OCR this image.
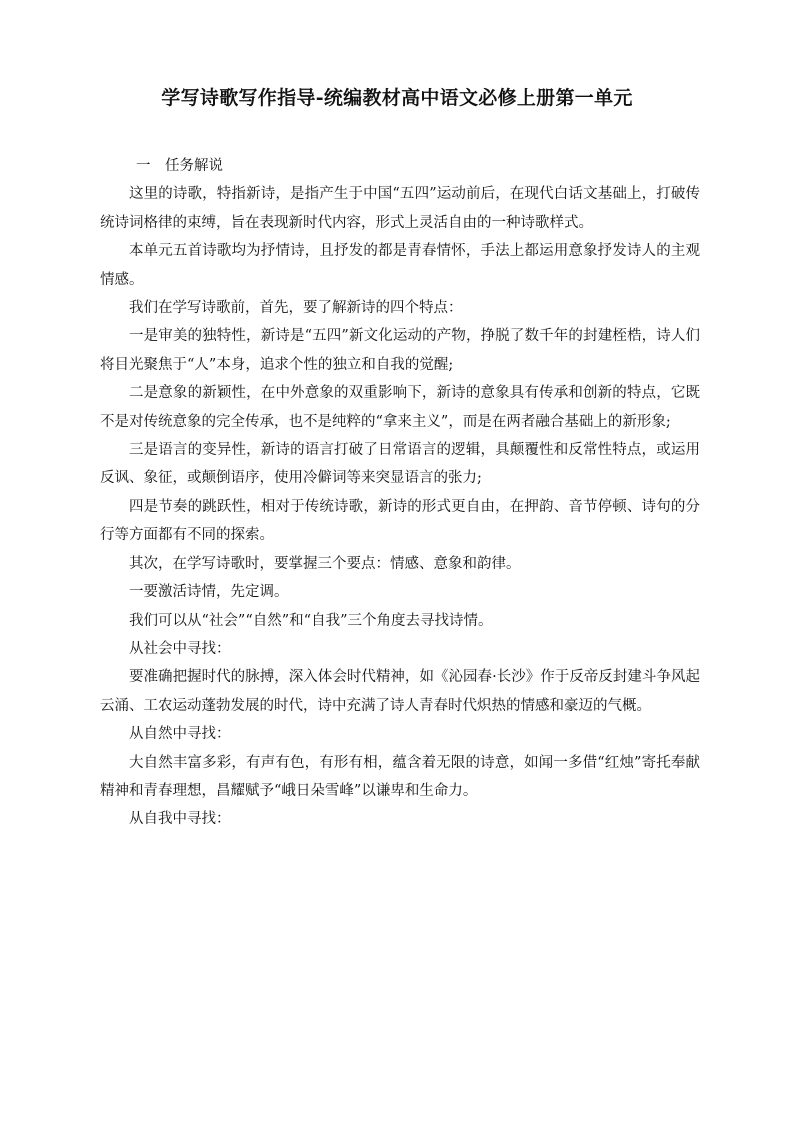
学写诗歌写作指导-统编教材高中语文必修上册第一单元

一　任务解说

这里的诗歌，特指新诗，是指产生于中国“五四”运动前后，在现代白话文基础上，打破传统诗词格律的束缚，旨在表现新时代内容，形式上灵活自由的一种诗歌样式。

本单元五首诗歌均为抒情诗，且抒发的都是青春情怀，手法上都运用意象抒发诗人的主观情感。

我们在学写诗歌前，首先，要了解新诗的四个特点：

一是审美的独特性，新诗是“五四”新文化运动的产物，挣脱了数千年的封建桎梏，诗人们将目光聚焦于“人”本身，追求个性的独立和自我的觉醒;

二是意象的新颖性，在中外意象的双重影响下，新诗的意象具有传承和创新的特点，它既不是对传统意象的完全传承，也不是纯粹的“拿来主义”，而是在两者融合基础上的新形象;

三是语言的变异性，新诗的语言打破了日常语言的逻辑，具颠覆性和反常性特点，或运用反讽、象征，或颠倒语序，使用冷僻词等来突显语言的张力;

四是节奏的跳跃性，相对于传统诗歌，新诗的形式更自由，在押韵、音节停顿、诗句的分行等方面都有不同的探索。

其次，在学写诗歌时，要掌握三个要点：情感、意象和韵律。

一要激活诗情，先定调。

我们可以从“社会”“自然”和“自我”三个角度去寻找诗情。

从社会中寻找：

要准确把握时代的脉搏，深入体会时代精神，如《沁园春·长沙》作于反帝反封建斗争风起云涌、工农运动蓬勃发展的时代，诗中充满了诗人青春时代炽热的情感和豪迈的气概。

从自然中寻找：

大自然丰富多彩，有声有色，有形有相，蕴含着无限的诗意，如闻一多借“红烛”寄托奉献精神和青春理想，昌耀赋予“峨日朵雪峰”以谦卑和生命力。

从自我中寻找：
